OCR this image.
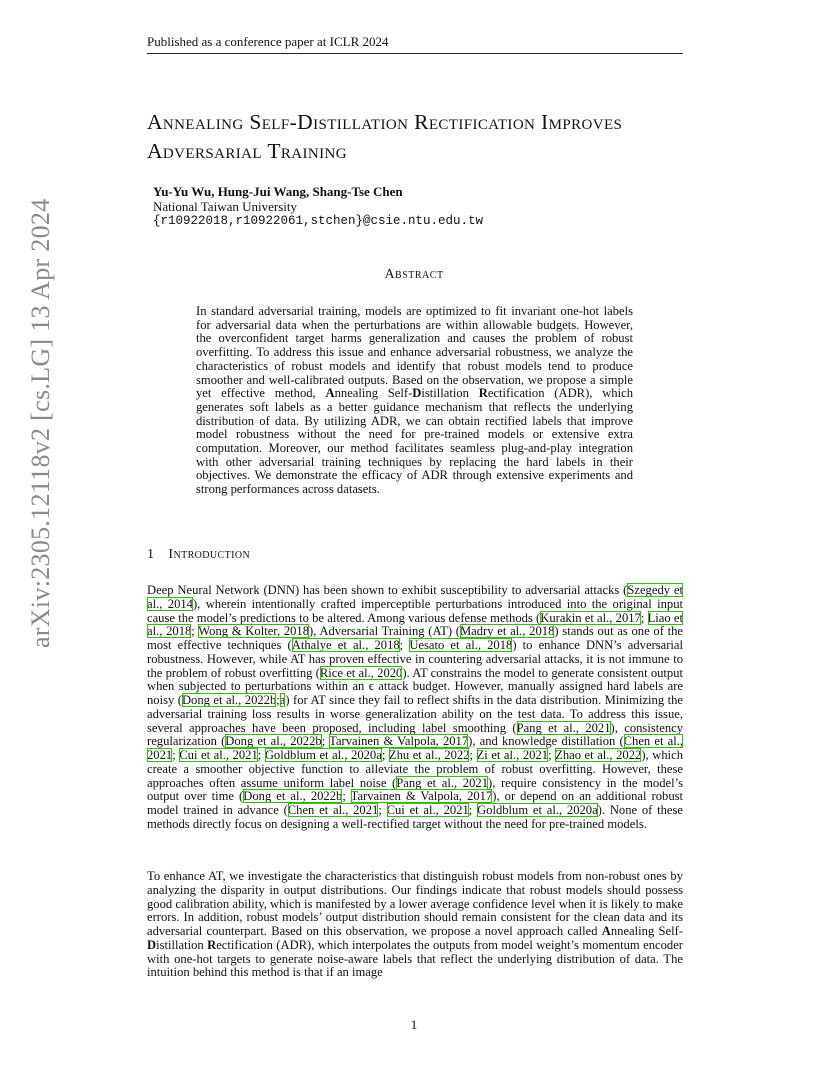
Published as a conference paper at ICLR 2024
Annealing Self-Distillation Rectification Improves Adversarial Training
Yu-Yu Wu, Hung-Jui Wang, Shang-Tse Chen
National Taiwan University
{r10922018,r10922061,stchen}@csie.ntu.edu.tw
Abstract
In standard adversarial training, models are optimized to fit invariant one-hot labels for adversarial data when the perturbations are within allowable budgets. However, the overconfident target harms generalization and causes the problem of robust overfitting. To address this issue and enhance adversarial robustness, we analyze the characteristics of robust models and identify that robust models tend to produce smoother and well-calibrated outputs. Based on the observation, we propose a simple yet effective method, Annealing Self-Distillation Rectification (ADR), which generates soft labels as a better guidance mechanism that reflects the underlying distribution of data. By utilizing ADR, we can obtain rectified labels that improve model robustness without the need for pre-trained models or extensive extra computation. Moreover, our method facilitates seamless plug-and-play integration with other adversarial training techniques by replacing the hard labels in their objectives. We demonstrate the efficacy of ADR through extensive experiments and strong performances across datasets.
1 Introduction
Deep Neural Network (DNN) has been shown to exhibit susceptibility to adversarial attacks (Szegedy et al., 2014), wherein intentionally crafted imperceptible perturbations introduced into the original input cause the model’s predictions to be altered. Among various defense methods (Kurakin et al., 2017; Liao et al., 2018; Wong & Kolter, 2018), Adversarial Training (AT) (Madry et al., 2018) stands out as one of the most effective techniques (Athalye et al., 2018; Uesato et al., 2018) to enhance DNN’s adversarial robustness. However, while AT has proven effective in countering adversarial attacks, it is not immune to the problem of robust overfitting (Rice et al., 2020). AT constrains the model to generate consistent output when subjected to perturbations within an ϵ attack budget. However, manually assigned hard labels are noisy (Dong et al., 2022b;a) for AT since they fail to reflect shifts in the data distribution. Minimizing the adversarial training loss results in worse generalization ability on the test data. To address this issue, several approaches have been proposed, including label smoothing (Pang et al., 2021), consistency regularization (Dong et al., 2022b; Tarvainen & Valpola, 2017), and knowledge distillation (Chen et al., 2021; Cui et al., 2021; Goldblum et al., 2020a; Zhu et al., 2022; Zi et al., 2021; Zhao et al., 2022), which create a smoother objective function to alleviate the problem of robust overfitting. However, these approaches often assume uniform label noise (Pang et al., 2021), require consistency in the model’s output over time (Dong et al., 2022b; Tarvainen & Valpola, 2017), or depend on an additional robust model trained in advance (Chen et al., 2021; Cui et al., 2021; Goldblum et al., 2020a). None of these methods directly focus on designing a well-rectified target without the need for pre-trained models.
To enhance AT, we investigate the characteristics that distinguish robust models from non-robust ones by analyzing the disparity in output distributions. Our findings indicate that robust models should possess good calibration ability, which is manifested by a lower average confidence level when it is likely to make errors. In addition, robust models’ output distribution should remain consistent for the clean data and its adversarial counterpart. Based on this observation, we propose a novel approach called Annealing Self-Distillation Rectification (ADR), which interpolates the outputs from model weight’s momentum encoder with one-hot targets to generate noise-aware labels that reflect the underlying distribution of data. The intuition behind this method is that if an image
arXiv:2305.12118v2 [cs.LG] 13 Apr 2024
1
